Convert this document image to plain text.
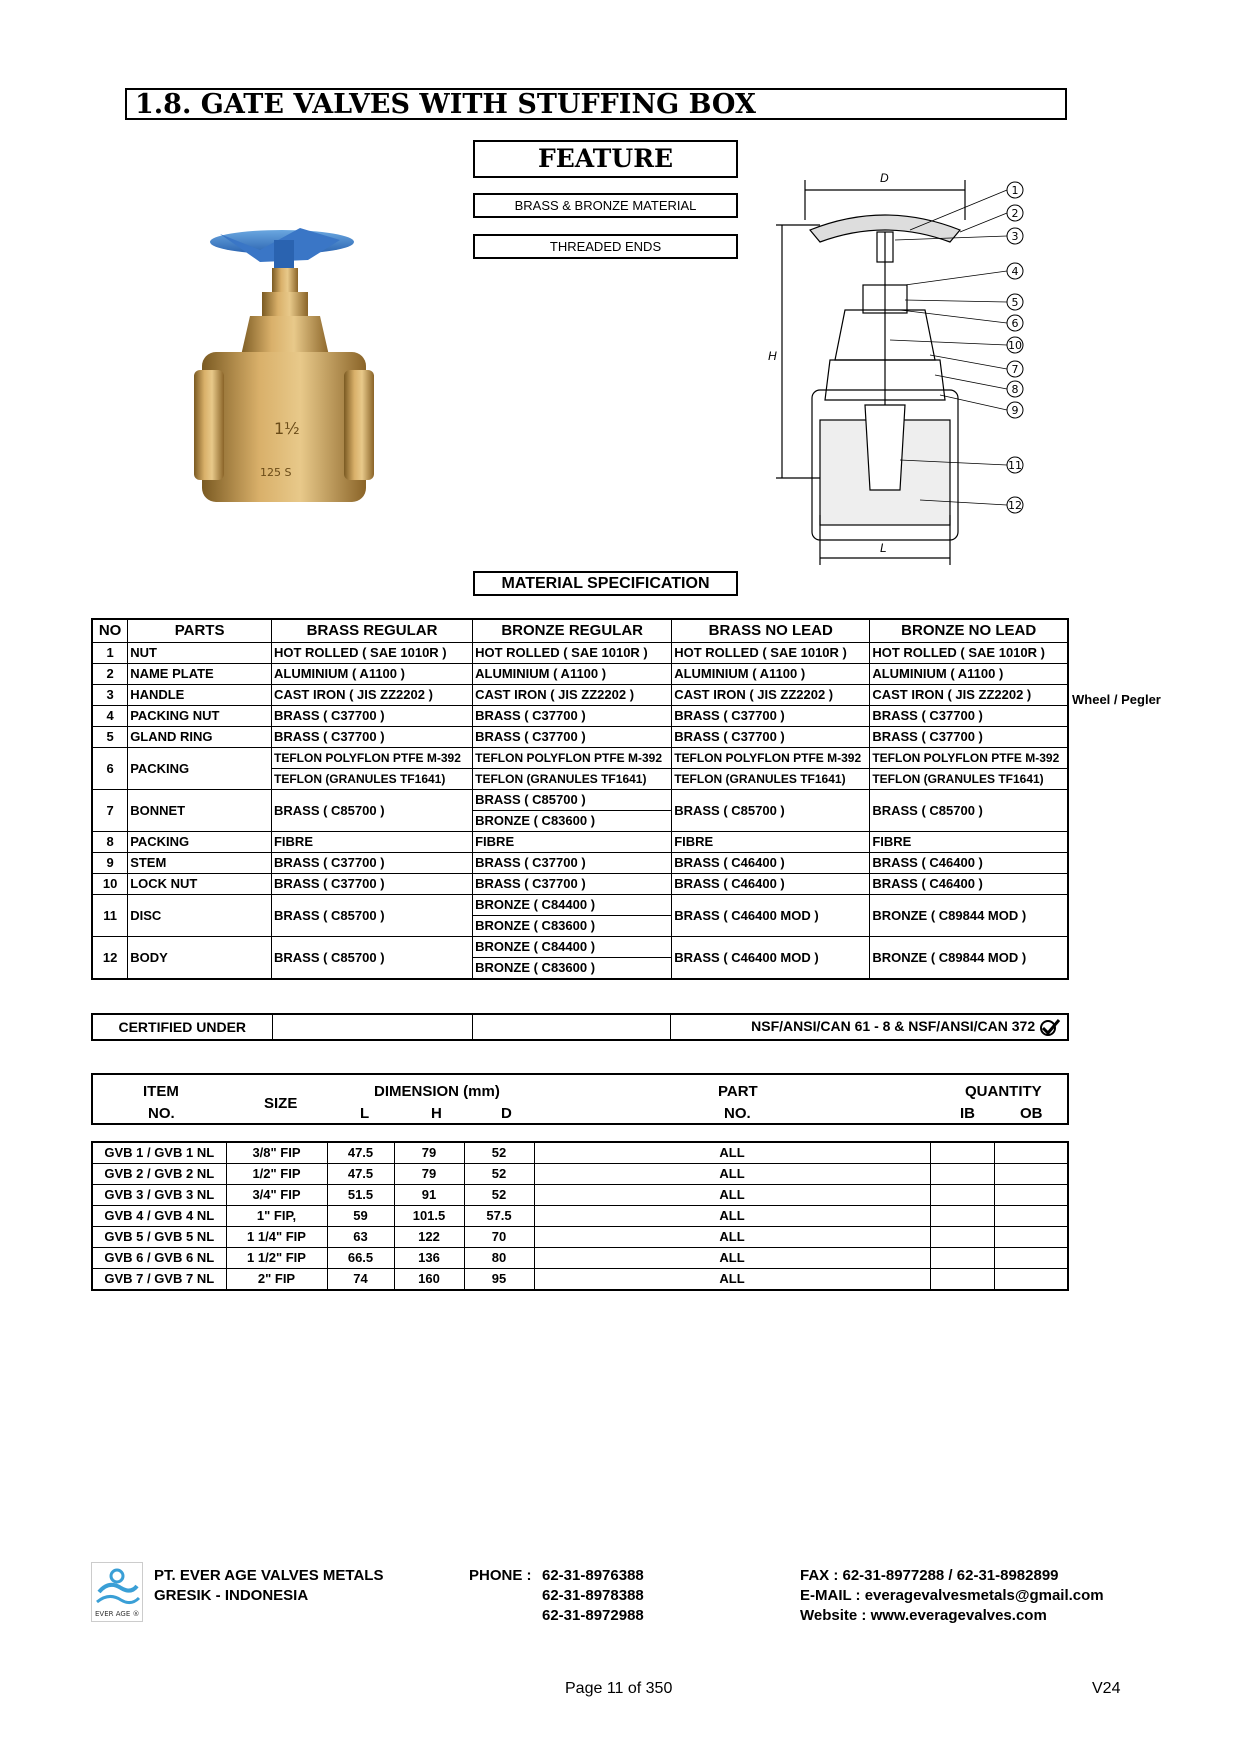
1.8. GATE VALVES WITH STUFFING BOX
1½
125 S
FEATURE
BRASS & BRONZE MATERIAL
THREADED ENDS
D
H
L
1
2
3
4
5
6
10
7
8
9
11
12
MATERIAL SPECIFICATION
NO	PARTS	BRASS REGULAR	BRONZE REGULAR	BRASS NO LEAD	BRONZE NO LEAD
1	NUT	HOT ROLLED ( SAE 1010R )	HOT ROLLED ( SAE 1010R )	HOT ROLLED ( SAE 1010R )	HOT ROLLED ( SAE 1010R )
2	NAME PLATE	ALUMINIUM ( A1100 )	ALUMINIUM ( A1100 )	ALUMINIUM ( A1100 )	ALUMINIUM ( A1100 )
3	HANDLE	CAST IRON ( JIS ZZ2202 )	CAST IRON ( JIS ZZ2202 )	CAST IRON ( JIS ZZ2202 )	CAST IRON ( JIS ZZ2202 )
4	PACKING NUT	BRASS ( C37700 )	BRASS ( C37700 )	BRASS ( C37700 )	BRASS ( C37700 )
5	GLAND RING	BRASS ( C37700 )	BRASS ( C37700 )	BRASS ( C37700 )	BRASS ( C37700 )
6	PACKING	TEFLON POLYFLON PTFE M-392	TEFLON POLYFLON PTFE M-392	TEFLON POLYFLON PTFE M-392	TEFLON POLYFLON PTFE M-392
		TEFLON (GRANULES TF1641)	TEFLON (GRANULES TF1641)	TEFLON (GRANULES TF1641)	TEFLON (GRANULES TF1641)
7	BONNET	BRASS ( C85700 )	BRASS ( C85700 )	BRASS ( C85700 )	BRASS ( C85700 )
			BRONZE ( C83600 )		
8	PACKING	FIBRE	FIBRE	FIBRE	FIBRE
9	STEM	BRASS ( C37700 )	BRASS ( C37700 )	BRASS ( C46400 )	BRASS ( C46400 )
10	LOCK NUT	BRASS ( C37700 )	BRASS ( C37700 )	BRASS ( C46400 )	BRASS ( C46400 )
11	DISC	BRASS ( C85700 )	BRONZE ( C84400 )	BRASS ( C46400 MOD )	BRONZE ( C89844 MOD )
			BRONZE ( C83600 )		
12	BODY	BRASS ( C85700 )	BRONZE ( C84400 )	BRASS ( C46400 MOD )	BRONZE ( C89844 MOD )
			BRONZE ( C83600 )		
Wheel / Pegler
CERTIFIED UNDER			NSF/ANSI/CAN 61 - 8 & NSF/ANSI/CAN 372
ITEM
NO.
SIZE
DIMENSION (mm)
L	H	D
PART
NO.
QUANTITY
IB	OB
GVB 1 / GVB 1 NL	3/8" FIP	47.5	79	52	ALL		
GVB 2 / GVB 2 NL	1/2" FIP	47.5	79	52	ALL		
GVB 3 / GVB 3 NL	3/4" FIP	51.5	91	52	ALL		
GVB 4 / GVB 4 NL	1" FIP,	59	101.5	57.5	ALL		
GVB 5 / GVB 5 NL	1 1/4" FIP	63	122	70	ALL		
GVB 6 / GVB 6 NL	1 1/2" FIP	66.5	136	80	ALL		
GVB 7 / GVB 7 NL	2" FIP	74	160	95	ALL		
EVER AGE ®
PT. EVER AGE VALVES METALS
GRESIK - INDONESIA
PHONE : 62-31-8976388
62-31-8978388
62-31-8972988
FAX : 62-31-8977288 / 62-31-8982899
E-MAIL : everagevalvesmetals@gmail.com
Website : www.everagevalves.com
Page 11 of 350	V24
